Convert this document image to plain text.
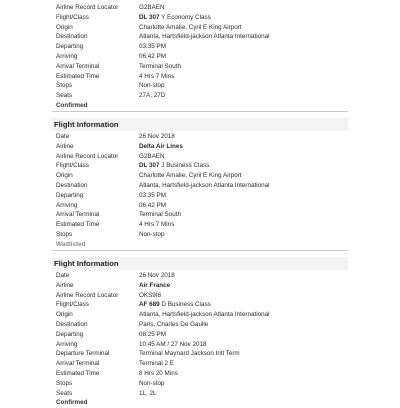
Airline Record Locator	G2BAEN
Flight/Class	DL 307 Y Economy Class
Origin	Charlotte Amalie, Cyril E King Airport
Destination	Atlanta, Hartsfield-jackson Atlanta International
Departing	03:35 PM
Arriving	06:42 PM
Arrival Terminal	Terminal South
Estimated Time	4 Hrs 7 Mins
Stops	Non-stop
Seats	27A, 27D
Confirmed
Flight Information
Date	26 Nov 2018
Airline	Delta Air Lines
Airline Record Locator	G2BAEN
Flight/Class	DL 307 J Business Class
Origin	Charlotte Amalie, Cyril E King Airport
Destination	Atlanta, Hartsfield-jackson Atlanta International
Departing	03:35 PM
Arriving	06:42 PM
Arrival Terminal	Terminal South
Estimated Time	4 Hrs 7 Mins
Stops	Non-stop
Waitlisted
Flight Information
Date	26 Nov 2018
Airline	Air France
Airline Record Locator	OKS9I8
Flight/Class	AF 689 D Business Class
Origin	Atlanta, Hartsfield-jackson Atlanta International
Destination	Paris, Charles De Gaulle
Departing	08:25 PM
Arriving	10:45 AM / 27 Nov 2018
Departure Terminal	Terminal Maynard Jackson Intl Term
Arrival Terminal	Terminal 2 E
Estimated Time	8 Hrs 20 Mins
Stops	Non-stop
Seats	1L, 2L
Confirmed
